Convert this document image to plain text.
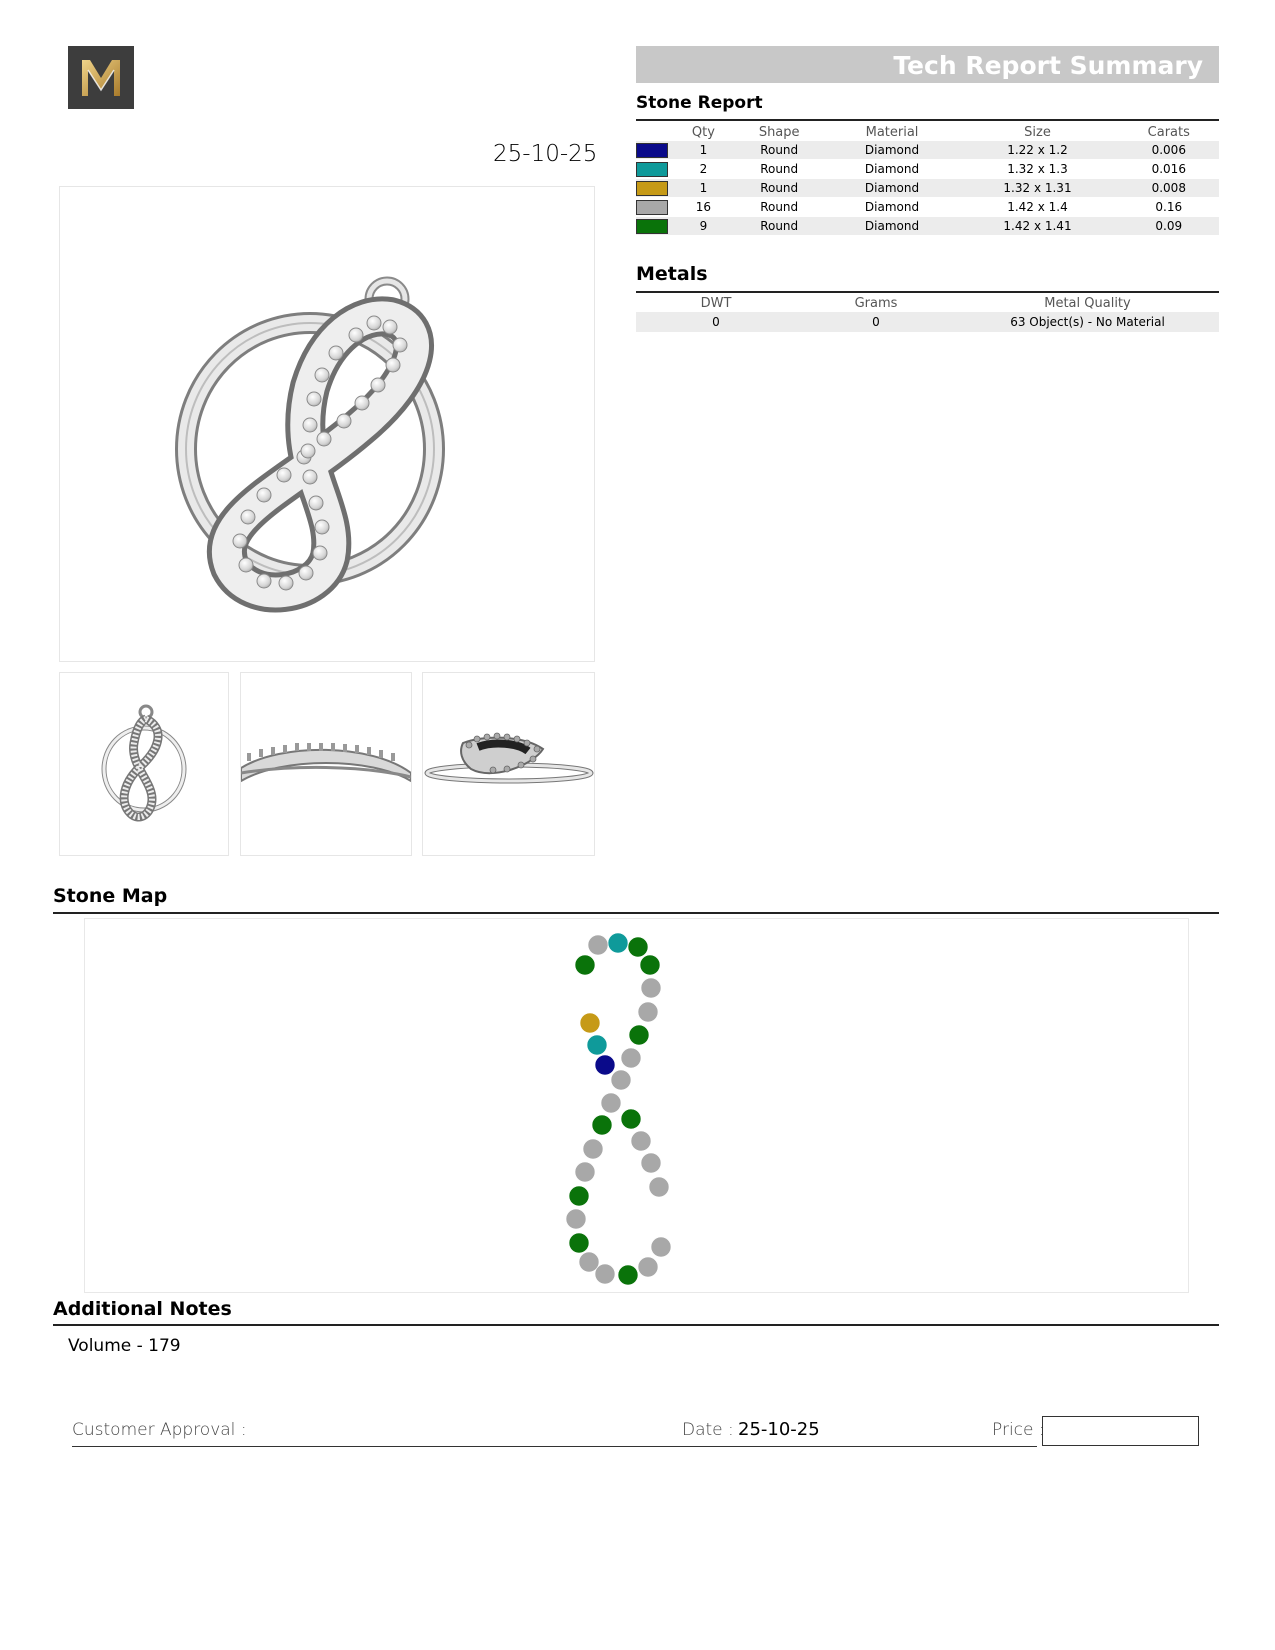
Tech Report Summary
25-10-25
Stone Report
	Qty	Shape	Material	Size	Carats

	1	Round	Diamond	1.22 x 1.2	0.006

	2	Round	Diamond	1.32 x 1.3	0.016

	1	Round	Diamond	1.32 x 1.31	0.008

	16	Round	Diamond	1.42 x 1.4	0.16

	9	Round	Diamond	1.42 x 1.41	0.09
Metals
DWT	Grams	Metal Quality
0	0	63 Object(s) - No Material
Stone Map
Additional Notes
Volume - 179
Customer Approval :	Date : 25-10-25	Price :
